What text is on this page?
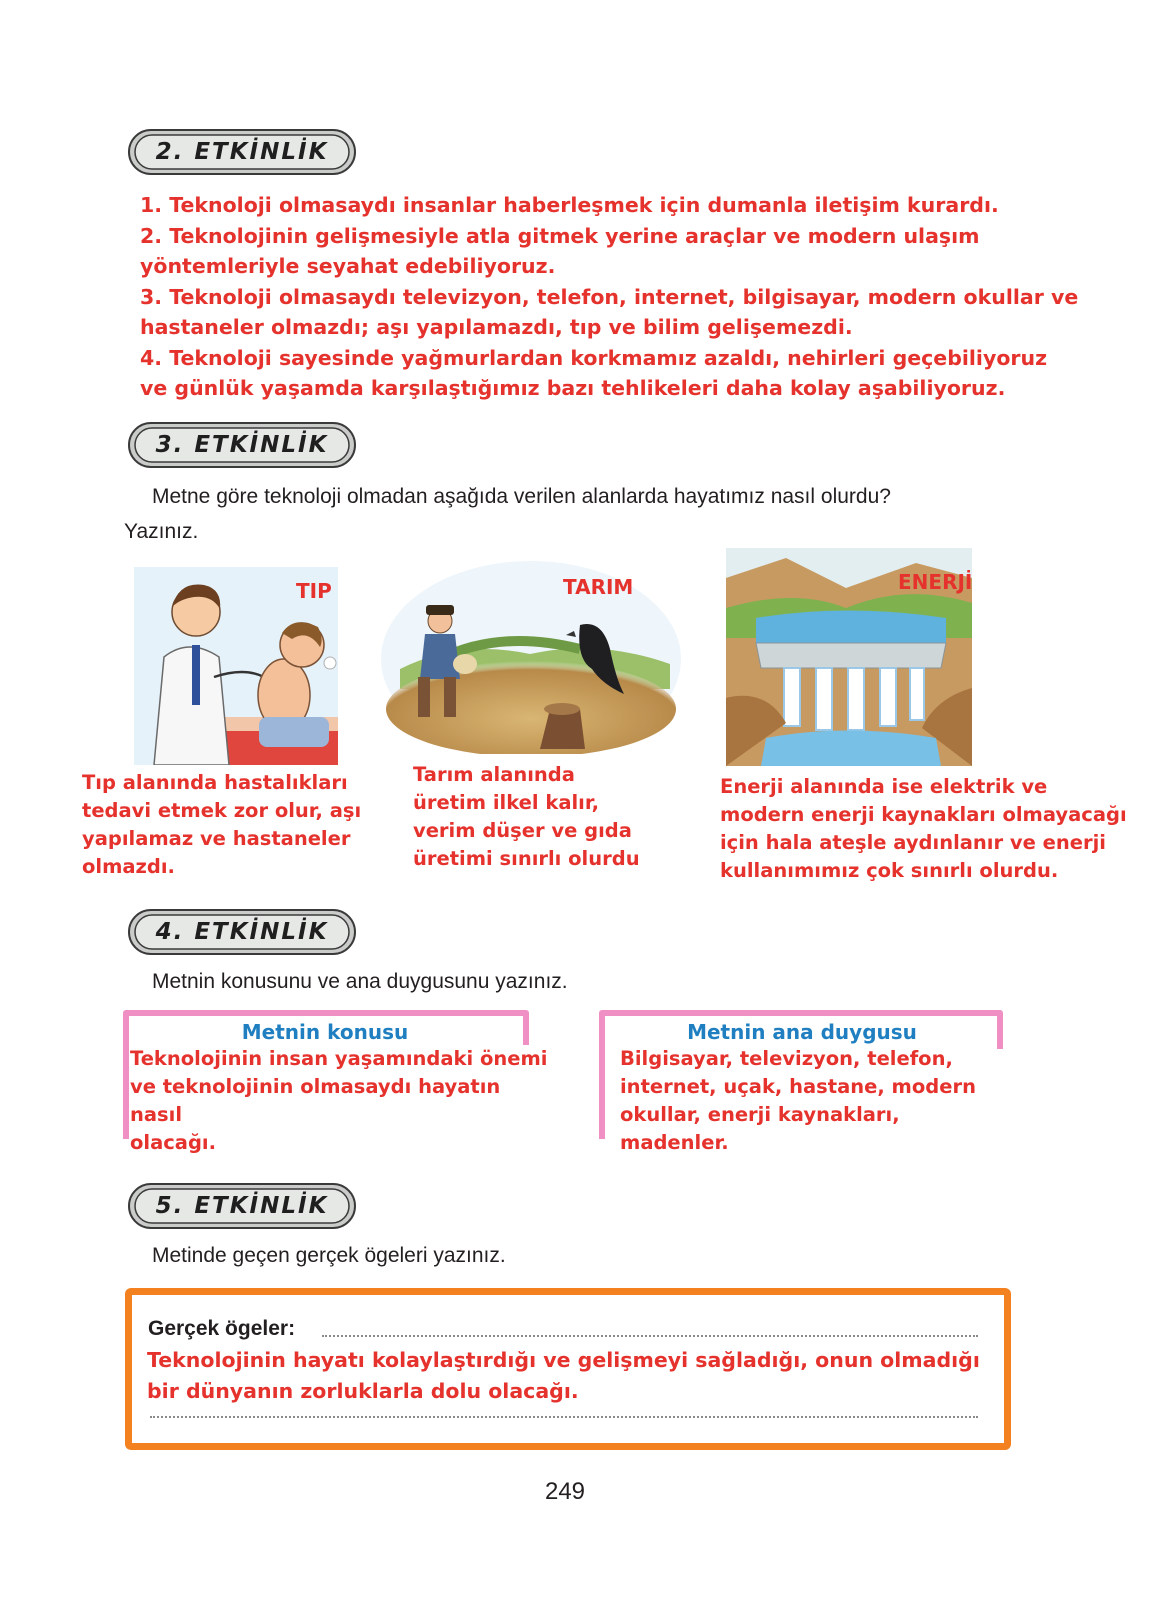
2. ETKİNLİK

1. Teknoloji olmasaydı insanlar haberleşmek için dumanla iletişim kurardı.

2. Teknolojinin gelişmesiyle atla gitmek yerine araçlar ve modern ulaşım yöntemleriyle seyahat edebiliyoruz.

3. Teknoloji olmasaydı televizyon, telefon, internet, bilgisayar, modern okullar ve hastaneler olmazdı; aşı yapılamazdı, tıp ve bilim gelişemezdi.

4. Teknoloji sayesinde yağmurlardan korkmamız azaldı, nehirleri geçebiliyoruz ve günlük yaşamda karşılaştığımız bazı tehlikeleri daha kolay aşabiliyoruz.

3. ETKİNLİK
Metne göre teknoloji olmadan aşağıda verilen alanlarda hayatımız nasıl olurdu?
Yazınız.
TIP	TARIM	ENERJİ

Tıp alanında hastalıkları

tedavi etmek zor olur, aşı

yapılamaz ve hastaneler

olmazdı.

Tarım alanında

üretim ilkel kalır,

verim düşer ve gıda

üretimi sınırlı olurdu

Enerji alanında ise elektrik ve

modern enerji kaynakları olmayacağı

için hala ateşle aydınlanır ve enerji

kullanımımız çok sınırlı olurdu.

4. ETKİNLİK
Metnin konusunu ve ana duygusunu yazınız.
Metnin konusu

Teknolojinin insan yaşamındaki önemi

ve teknolojinin olmasaydı hayatın nasıl

olacağı.

Metnin ana duygusu

Bilgisayar, televizyon, telefon,

internet, uçak, hastane, modern

okullar, enerji kaynakları, madenler.

5. ETKİNLİK
Metinde geçen gerçek ögeleri yazınız.
Gerçek ögeler:

Teknolojinin hayatı kolaylaştırdığı ve gelişmeyi sağladığı, onun olmadığı

bir dünyanın zorluklarla dolu olacağı.

249
